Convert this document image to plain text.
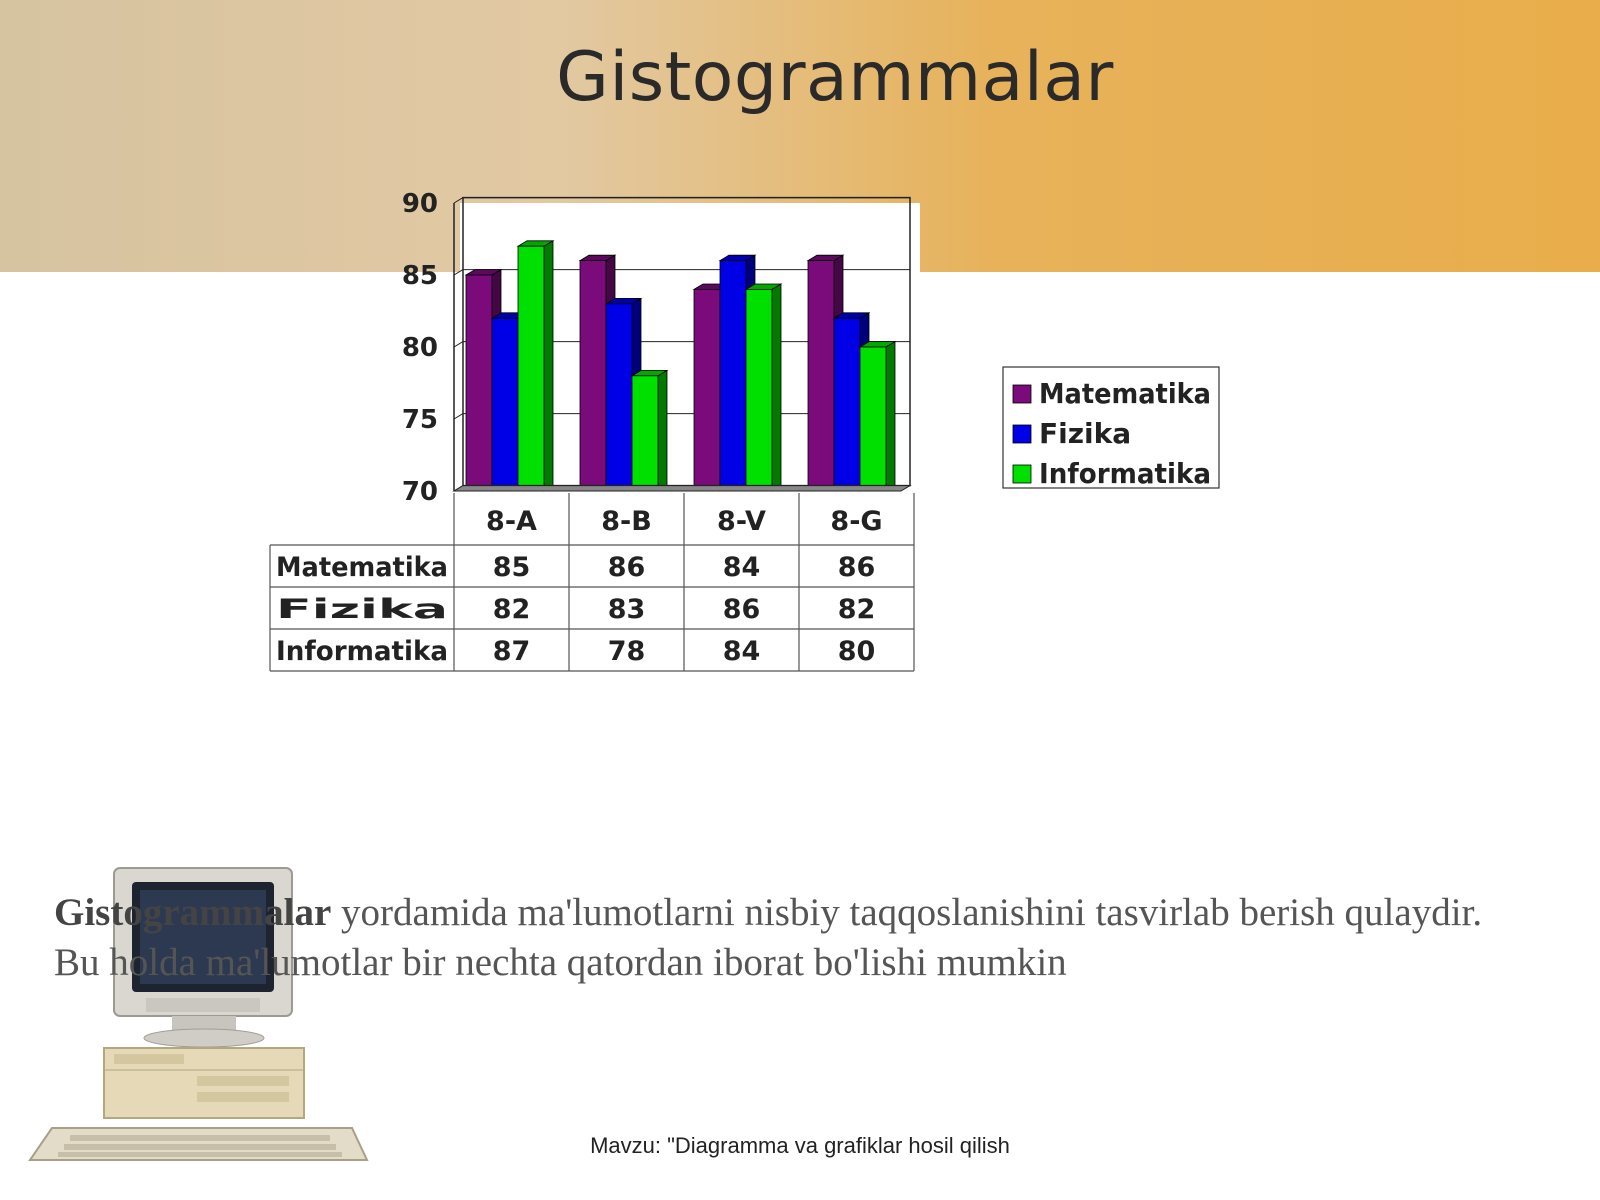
Gistogrammalar
90
85
80
75
70
8-A 8-B 8-V 8-G
Matematika 85	86	84	86
Fizika 82	83	86	82
Informatika 87	78	84	80
Matematika
Fizika
Informatika
Gistogrammalar yordamida ma'lumotlarni nisbiy taqqoslanishini tasvirlab berish qulaydir. Bu holda ma'lumotlar bir nechta qatordan iborat bo'lishi mumkin
Mavzu: "Diagramma va grafiklar hosil qilish
